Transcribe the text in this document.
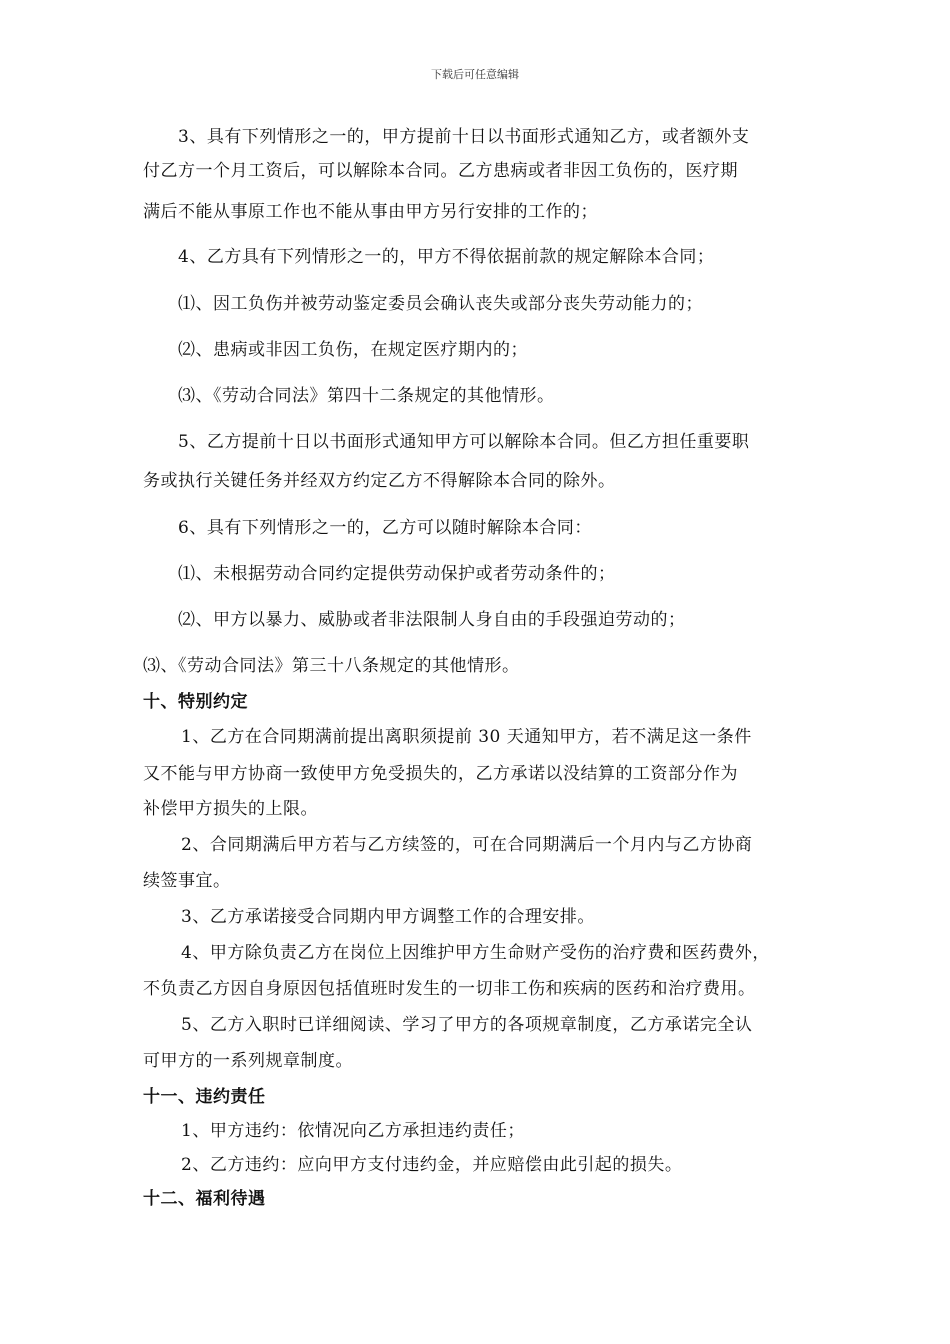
下载后可任意编辑
3、具有下列情形之一的，甲方提前十日以书面形式通知乙方，或者额外支
付乙方一个月工资后，可以解除本合同。乙方患病或者非因工负伤的，医疗期
满后不能从事原工作也不能从事由甲方另行安排的工作的；
4、乙方具有下列情形之一的，甲方不得依据前款的规定解除本合同；
⑴、因工负伤并被劳动鉴定委员会确认丧失或部分丧失劳动能力的；
⑵、患病或非因工负伤，在规定医疗期内的；
⑶、《劳动合同法》第四十二条规定的其他情形。
5、乙方提前十日以书面形式通知甲方可以解除本合同。但乙方担任重要职
务或执行关键任务并经双方约定乙方不得解除本合同的除外。
6、具有下列情形之一的，乙方可以随时解除本合同：
⑴、未根据劳动合同约定提供劳动保护或者劳动条件的；
⑵、甲方以暴力、威胁或者非法限制人身自由的手段强迫劳动的；
⑶、《劳动合同法》第三十八条规定的其他情形。
十、特别约定
1、乙方在合同期满前提出离职须提前 30 天通知甲方，若不满足这一条件
又不能与甲方协商一致使甲方免受损失的，乙方承诺以没结算的工资部分作为
补偿甲方损失的上限。
2、合同期满后甲方若与乙方续签的，可在合同期满后一个月内与乙方协商
续签事宜。
3、乙方承诺接受合同期内甲方调整工作的合理安排。
4、甲方除负责乙方在岗位上因维护甲方生命财产受伤的治疗费和医药费外，
不负责乙方因自身原因包括值班时发生的一切非工伤和疾病的医药和治疗费用。
5、乙方入职时已详细阅读、学习了甲方的各项规章制度，乙方承诺完全认
可甲方的一系列规章制度。
十一、违约责任
1、甲方违约：依情况向乙方承担违约责任；
2、乙方违约：应向甲方支付违约金，并应赔偿由此引起的损失。
十二、福利待遇
